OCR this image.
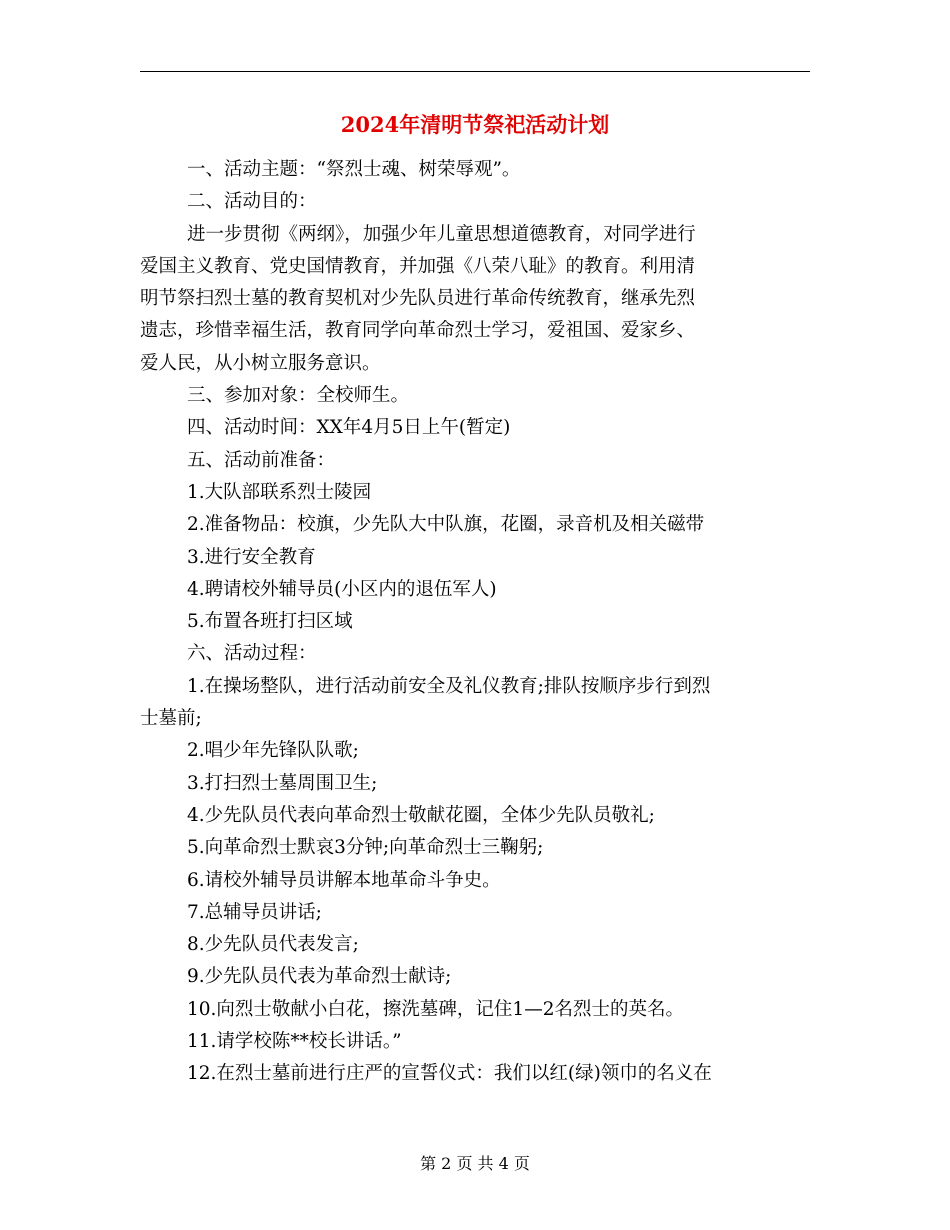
2024年清明节祭祀活动计划

一、活动主题：“祭烈士魂、树荣辱观”。

二、活动目的：

进一步贯彻《两纲》，加强少年儿童思想道德教育，对同学进行

爱国主义教育、党史国情教育，并加强《八荣八耻》的教育。利用清

明节祭扫烈士墓的教育契机对少先队员进行革命传统教育，继承先烈

遗志，珍惜幸福生活，教育同学向革命烈士学习，爱祖国、爱家乡、

爱人民，从小树立服务意识。

三、参加对象：全校师生。

四、活动时间：XX年4月5日上午(暂定)

五、活动前准备：

1.大队部联系烈士陵园

2.准备物品：校旗，少先队大中队旗，花圈，录音机及相关磁带

3.进行安全教育

4.聘请校外辅导员(小区内的退伍军人)

5.布置各班打扫区域

六、活动过程：

1.在操场整队，进行活动前安全及礼仪教育;排队按顺序步行到烈

士墓前;

2.唱少年先锋队队歌;

3.打扫烈士墓周围卫生;

4.少先队员代表向革命烈士敬献花圈，全体少先队员敬礼;

5.向革命烈士默哀3分钟;向革命烈士三鞠躬;

6.请校外辅导员讲解本地革命斗争史。

7.总辅导员讲话;

8.少先队员代表发言;

9.少先队员代表为革命烈士献诗;

10.向烈士敬献小白花，擦洗墓碑，记住1—2名烈士的英名。

11.请学校陈**校长讲话。”

12.在烈士墓前进行庄严的宣誓仪式：我们以红(绿)领巾的名义在

第 2 页 共 4 页
